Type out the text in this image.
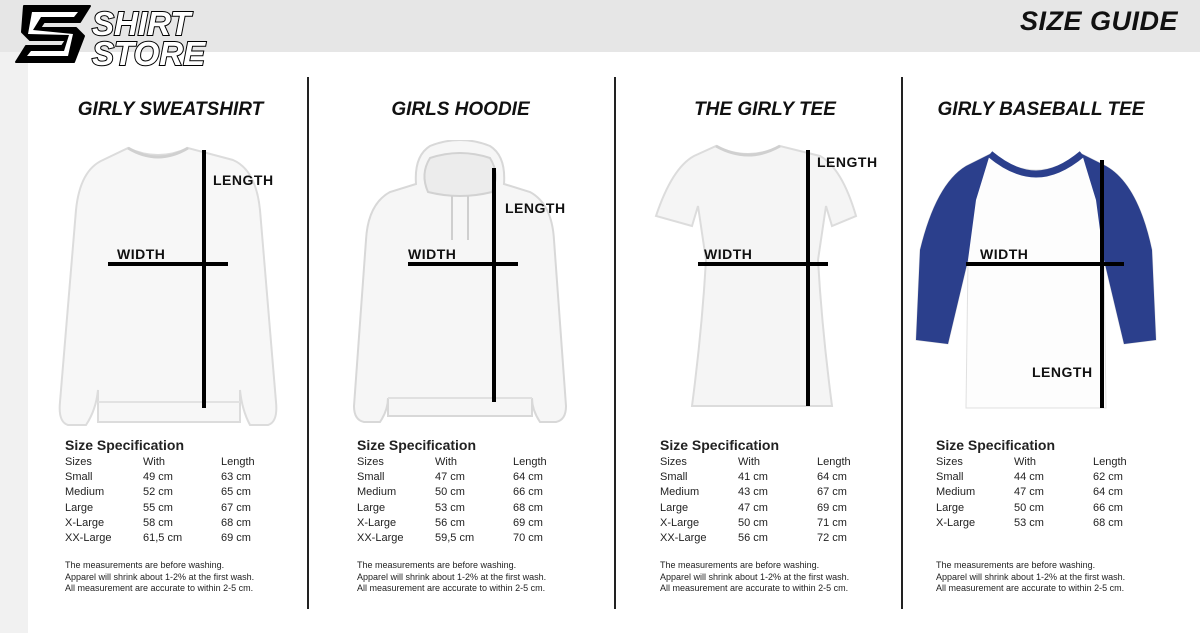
SHIRT
STORE
SIZE GUIDE
GIRLY SWEATSHIRT
LENGTH
WIDTH
Size Specification
Sizes	With	Length
Small	49 cm	63 cm
Medium	52 cm	65 cm
Large	55 cm	67 cm
X-Large	58 cm	68 cm
XX-Large	61,5 cm	69 cm
The measurements are before washing.
Apparel will shrink about 1-2% at the first wash.
All measurement are accurate to within 2-5 cm.
GIRLS HOODIE
LENGTH
WIDTH
Size Specification
Sizes	With	Length
Small	47 cm	64 cm
Medium	50 cm	66 cm
Large	53 cm	68 cm
X-Large	56 cm	69 cm
XX-Large	59,5 cm	70 cm
The measurements are before washing.
Apparel will shrink about 1-2% at the first wash.
All measurement are accurate to within 2-5 cm.
THE GIRLY TEE
LENGTH
WIDTH
Size Specification
Sizes	With	Length
Small	41 cm	64 cm
Medium	43 cm	67 cm
Large	47 cm	69 cm
X-Large	50 cm	71 cm
XX-Large	56 cm	72 cm
The measurements are before washing.
Apparel will shrink about 1-2% at the first wash.
All measurement are accurate to within 2-5 cm.
GIRLY BASEBALL TEE
LENGTH
WIDTH
Size Specification
Sizes	With	Length
Small	44 cm	62 cm
Medium	47 cm	64 cm
Large	50 cm	66 cm
X-Large	53 cm	68 cm
The measurements are before washing.
Apparel will shrink about 1-2% at the first wash.
All measurement are accurate to within 2-5 cm.
